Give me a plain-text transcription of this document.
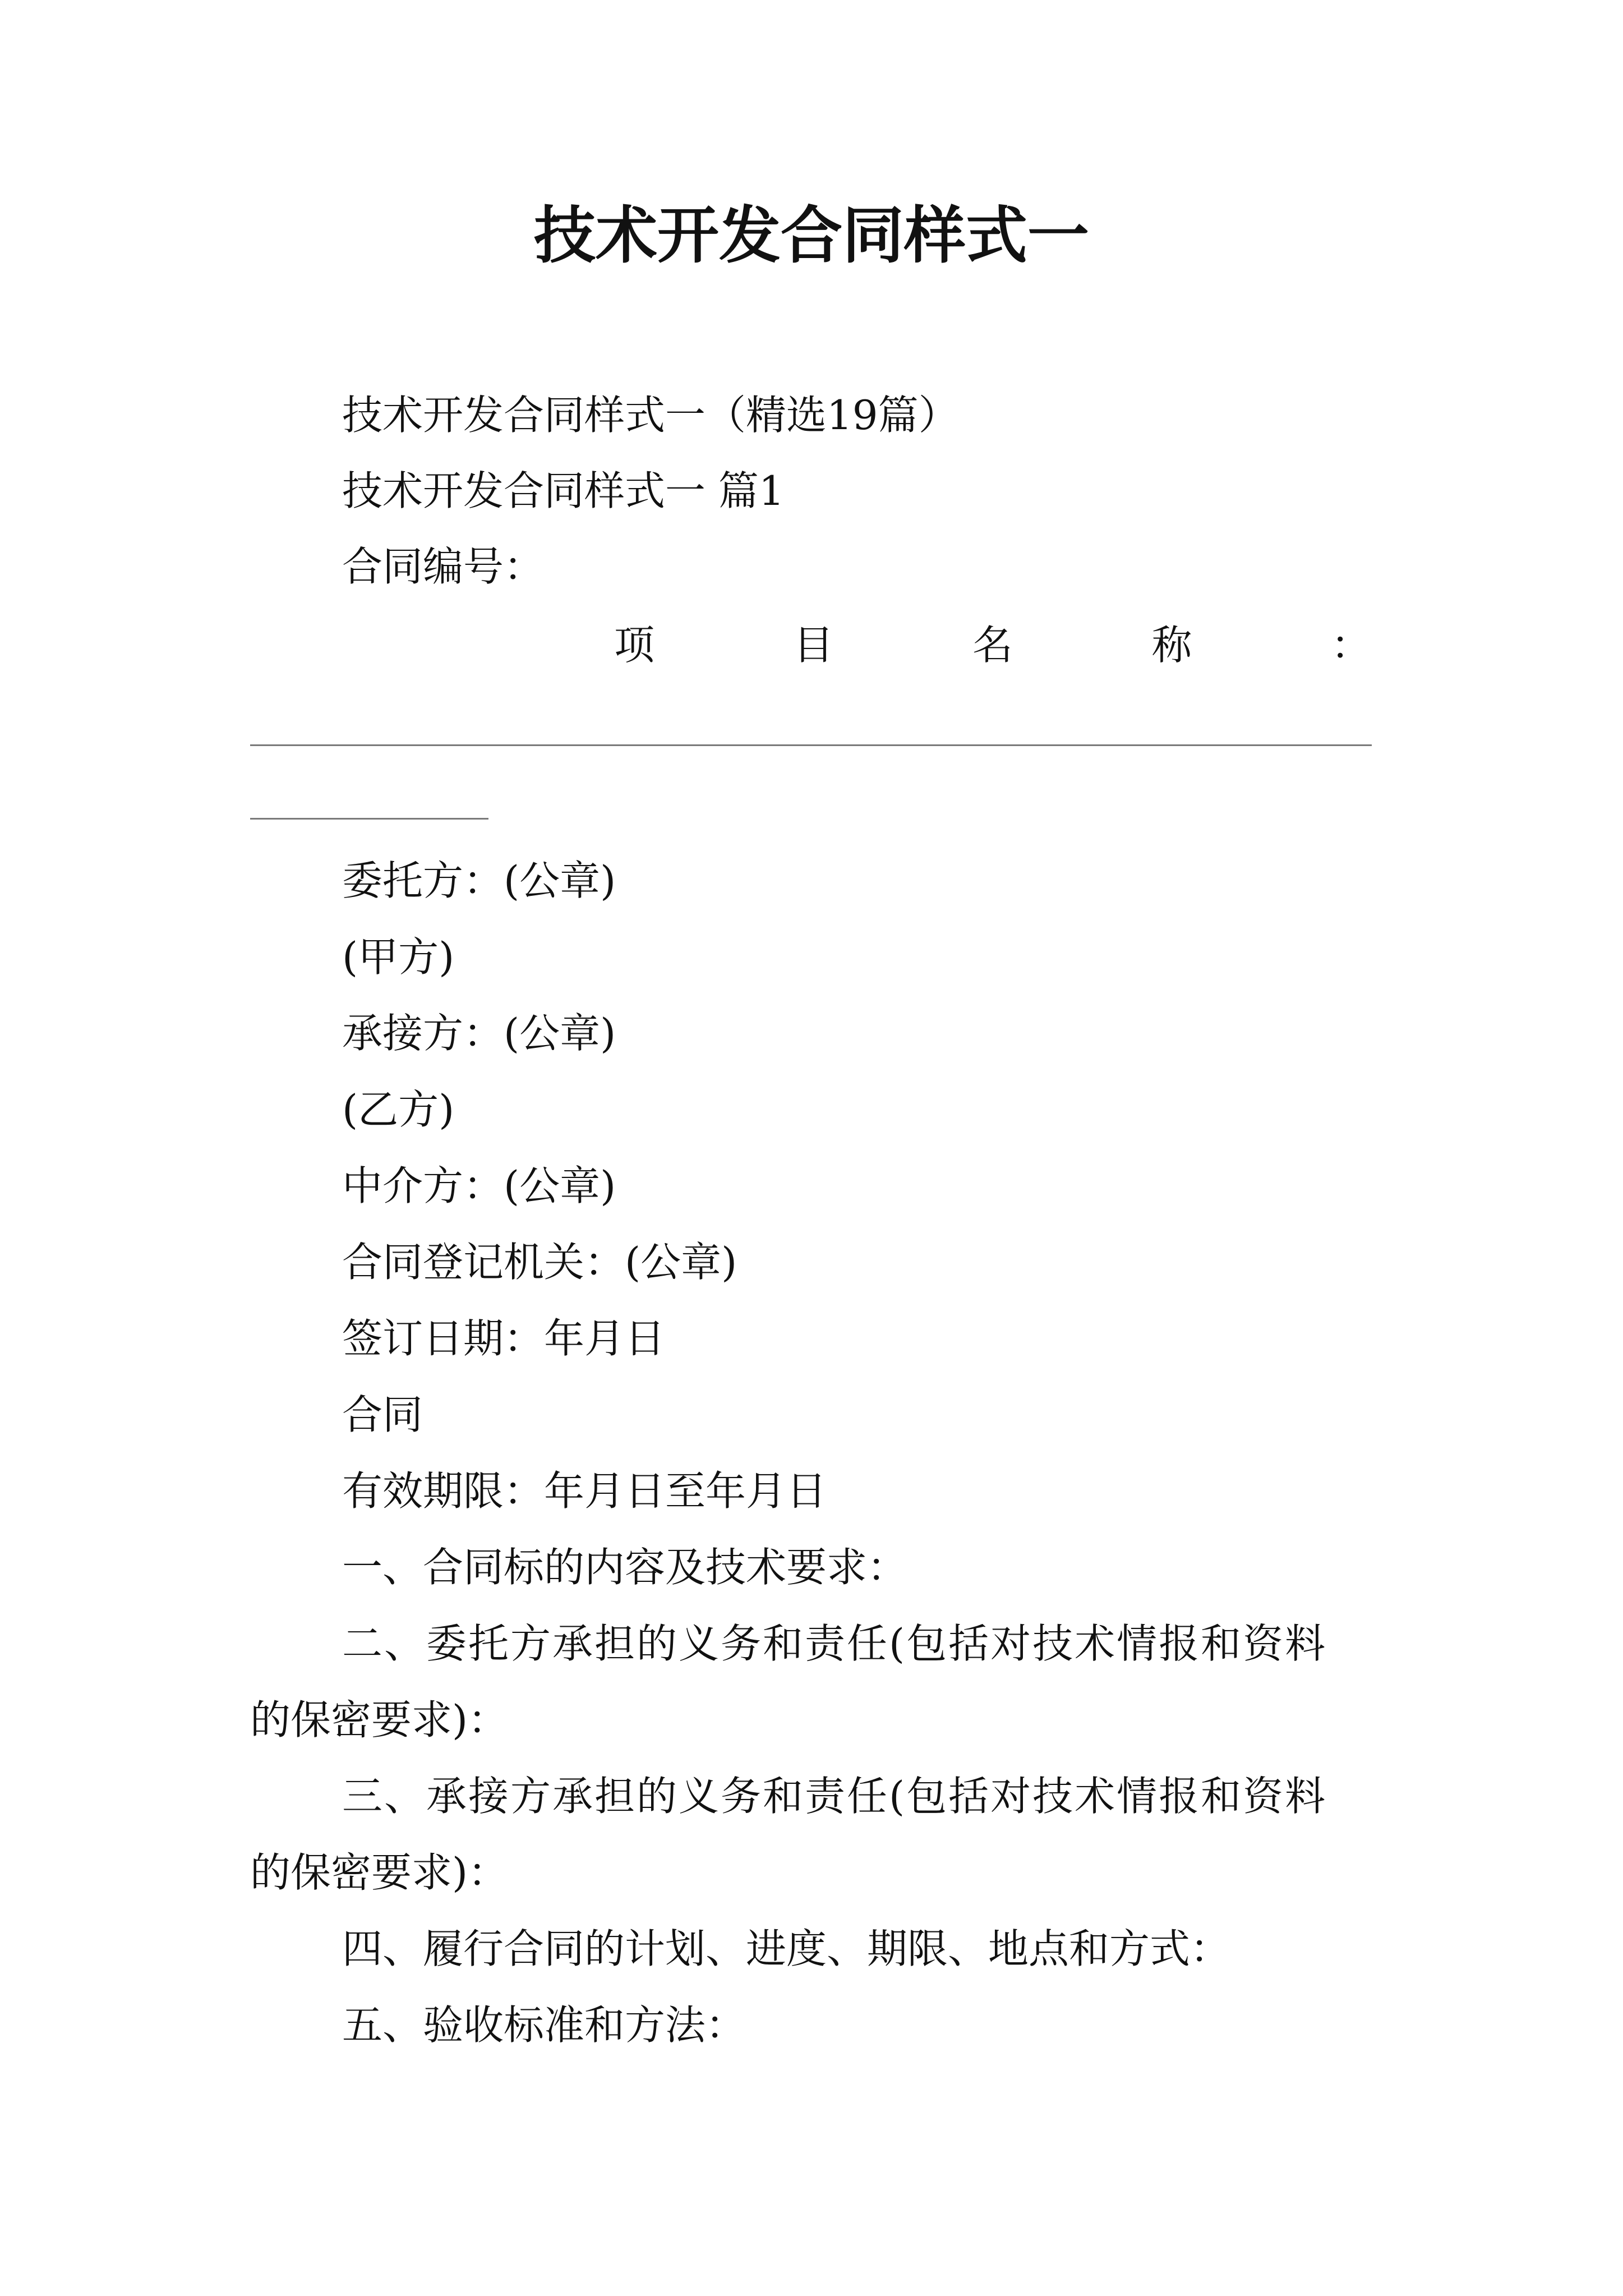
技术开发合同样式一

技术开发合同样式一（精选19篇）

技术开发合同样式一 篇1

合同编号：

项	目	名	称	：

委托方：(公章)

(甲方)

承接方：(公章)

(乙方)

中介方：(公章)

合同登记机关：(公章)

签订日期：年月日

合同

有效期限：年月日至年月日

一、合同标的内容及技术要求：

二、委托方承担的义务和责任(包括对技术情报和资料

的保密要求)：

三、承接方承担的义务和责任(包括对技术情报和资料

的保密要求)：

四、履行合同的计划、进度、期限、地点和方式：

五、验收标准和方法：
